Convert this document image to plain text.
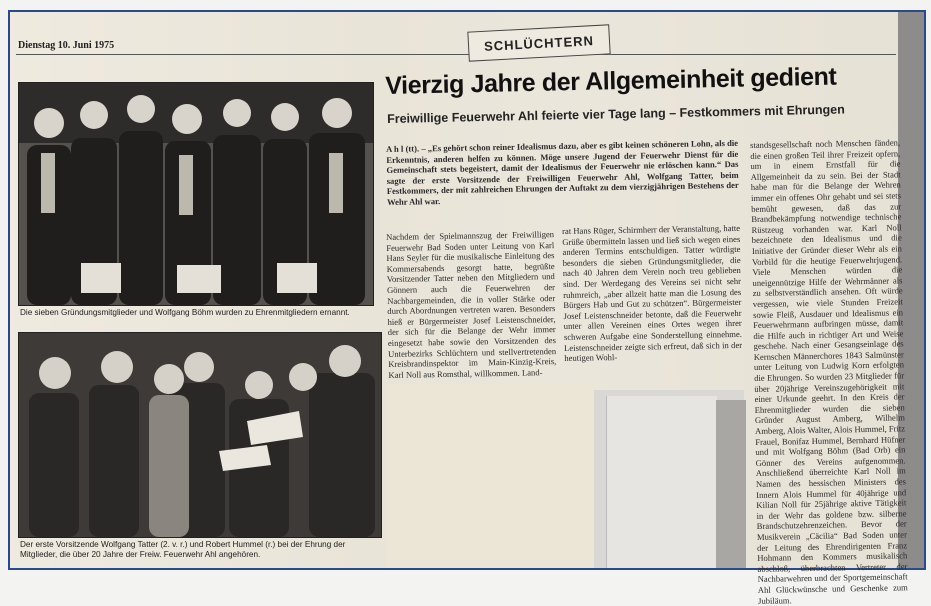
Dienstag 10. Juni 1975	SCHLÜCHTERN
Die sieben Gründungsmitglieder und Wolfgang Böhm wurden zu Ehrenmitgliedern ernannt.
Der erste Vorsitzende Wolfgang Tatter (2. v. r.) und Robert Hummel (r.) bei der Ehrung der Mitglieder, die über 20 Jahre der Freiw. Feuerwehr Ahl angehören.
Vierzig Jahre der Allgemeinheit gedient
Freiwillige Feuerwehr Ahl feierte vier Tage lang – Festkommers mit Ehrungen
A h l (tt). – „Es gehört schon reiner Idealismus dazu, aber es gibt keinen schöneren Lohn, als die Erkenntnis, anderen helfen zu können. Möge unsere Jugend der Feuerwehr Dienst für die Gemeinschaft stets begeistert, damit der Idealismus der Feuerwehr nie erlöschen kann.“ Das sagte der erste Vorsitzende der Freiwilligen Feuerwehr Ahl, Wolfgang Tatter, beim Festkommers, der mit zahlreichen Ehrungen der Auftakt zu dem vierzigjährigen Bestehens der Wehr Ahl war.
Nachdem der Spielmannszug der Freiwilligen Feuerwehr Bad Soden unter Leitung von Karl Hans Seyler für die musikalische Einleitung des Kommersabends gesorgt hatte, begrüßte Vorsitzender Tatter neben den Mitgliedern und Gönnern auch die Feuerwehren der Nachbargemeinden, die in voller Stärke oder durch Abordnungen vertreten waren. Besonders hieß er Bürgermeister Josef Leistenschneider, der sich für die Belange der Wehr immer eingesetzt habe sowie den Vorsitzenden des Unterbezirks Schlüchtern und stellvertretenden Kreisbrandinspektor im Main-Kinzig-Kreis, Karl Noll aus Romsthal, willkommen. Land-
rat Hans Rüger, Schirmherr der Veranstaltung, hatte Grüße übermitteln lassen und ließ sich wegen eines anderen Termins entschuldigen. Tatter würdigte besonders die sieben Gründungsmitglieder, die nach 40 Jahren dem Verein noch treu geblieben sind. Der Werdegang des Vereins sei nicht sehr ruhmreich, „aber allzeit hatte man die Losung des Bürgers Hab und Gut zu schützen“. Bürgermeister Josef Leistenschneider betonte, daß die Feuerwehr unter allen Vereinen eines Ortes wegen ihrer schweren Aufgabe eine Sonderstellung einnehme. Leistenschneider zeigte sich erfreut, daß sich in der heutigen Wohl-
standsgesellschaft noch Menschen fänden, die einen großen Teil ihrer Freizeit opfern, um in einem Ernstfall für die Allgemeinheit da zu sein. Bei der Stadt habe man für die Belange der Wehren immer ein offenes Ohr gehabt und sei stets bemüht gewesen, daß das zur Brandbekämpfung notwendige technische Rüstzeug vorhanden war. Karl Noll bezeichnete den Idealismus und die Initiative der Gründer dieser Wehr als ein Vorbild für die heutige Feuerwehrjugend. Viele Menschen würden die uneigennützige Hilfe der Wehrmänner als zu selbstverständlich ansehen. Oft würde vergessen, wie viele Stunden Freizeit sowie Fleiß, Ausdauer und Idealismus ein Feuerwehrmann aufbringen müsse, damit die Hilfe auch in richtiger Art und Weise geschehe. Nach einer Gesangseinlage des Kernschen Männerchores 1843 Salmünster unter Leitung von Ludwig Korn erfolgten die Ehrungen. So wurden 23 Mitglieder für über 20jährige Vereinszugehörigkeit mit einer Urkunde geehrt. In den Kreis der Ehrenmitglieder wurden die sieben Gründer August Amberg, Wilhelm Amberg, Alois Walter, Alois Hummel, Fritz Frauel, Bonifaz Hummel, Bernhard Hüfner und mit Wolfgang Böhm (Bad Orb) ein Gönner des Vereins aufgenommen. Anschließend überreichte Karl Noll im Namen des hessischen Ministers des Innern Alois Hummel für 40jährige und Kilian Noll für 25jährige aktive Tätigkeit in der Wehr das goldene bzw. silberne Brandschutzehrenzeichen. Bevor der Musikverein „Cäcilia“ Bad Soden unter der Leitung des Ehrendirigenten Franz Hohmann den Kommers musikalisch abschloß, überbrachten Vertreter der Nachbarwehren und der Sportgemeinschaft Ahl Glückwünsche und Geschenke zum Jubiläum.
